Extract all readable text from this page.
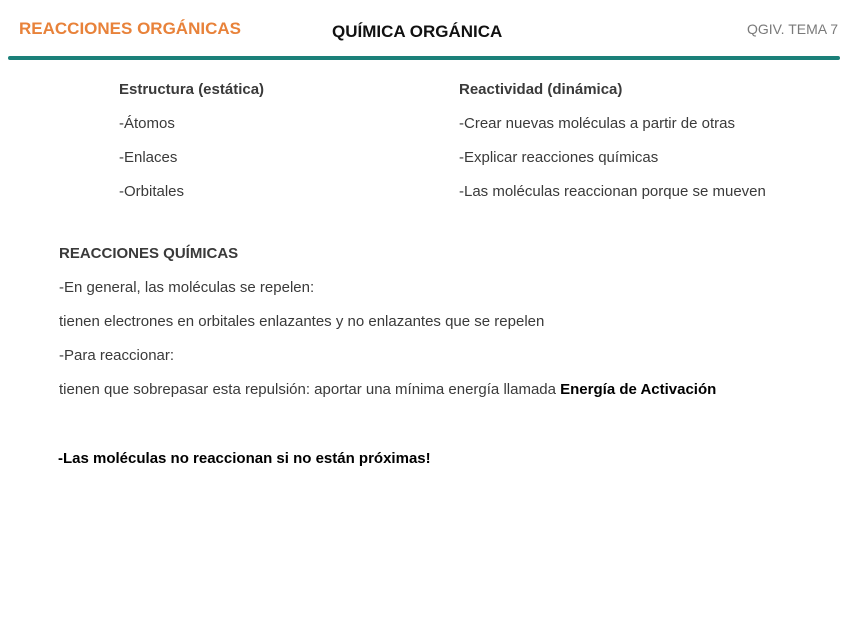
REACCIONES ORGÁNICAS	QUÍMICA ORGÁNICA	QGIV. TEMA 7
Estructura (estática)
-Átomos
-Enlaces
-Orbitales
Reactividad (dinámica)
-Crear nuevas moléculas a partir de otras
-Explicar reacciones químicas
-Las moléculas reaccionan porque se mueven
REACCIONES QUÍMICAS
-En general, las moléculas se repelen:
tienen electrones en orbitales enlazantes y no enlazantes que se repelen
-Para reaccionar:
tienen que sobrepasar esta repulsión: aportar una mínima energía llamada Energía de Activación
-Las moléculas no reaccionan si no están próximas!
